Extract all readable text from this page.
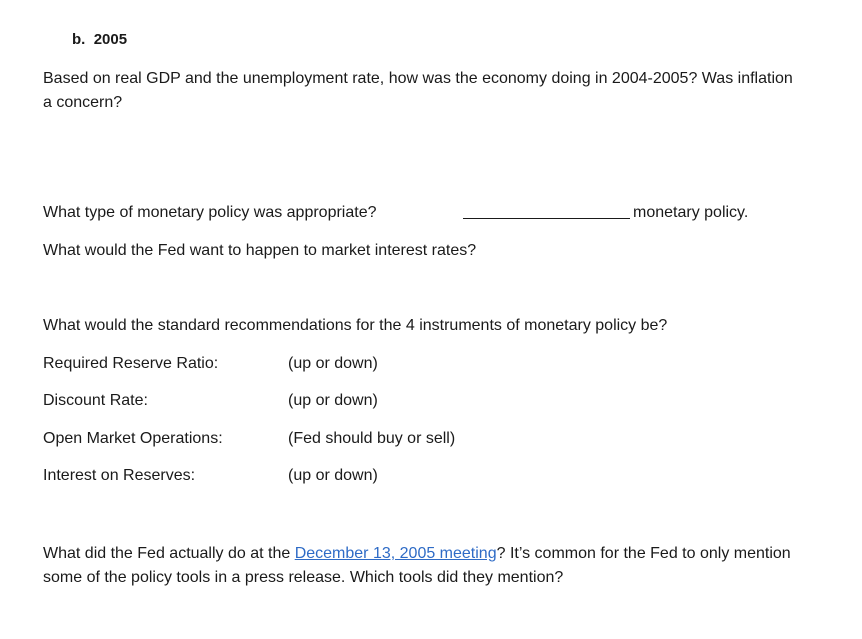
b. 2005
Based on real GDP and the unemployment rate, how was the economy doing in 2004-2005? Was inflation a concern?
What type of monetary policy was appropriate?	monetary policy.
What would the Fed want to happen to market interest rates?
What would the standard recommendations for the 4 instruments of monetary policy be?
Required Reserve Ratio:	(up or down)
Discount Rate:	(up or down)
Open Market Operations:	(Fed should buy or sell)
Interest on Reserves:	(up or down)
What did the Fed actually do at the December 13, 2005 meeting? It’s common for the Fed to only mention some of the policy tools in a press release. Which tools did they mention?
